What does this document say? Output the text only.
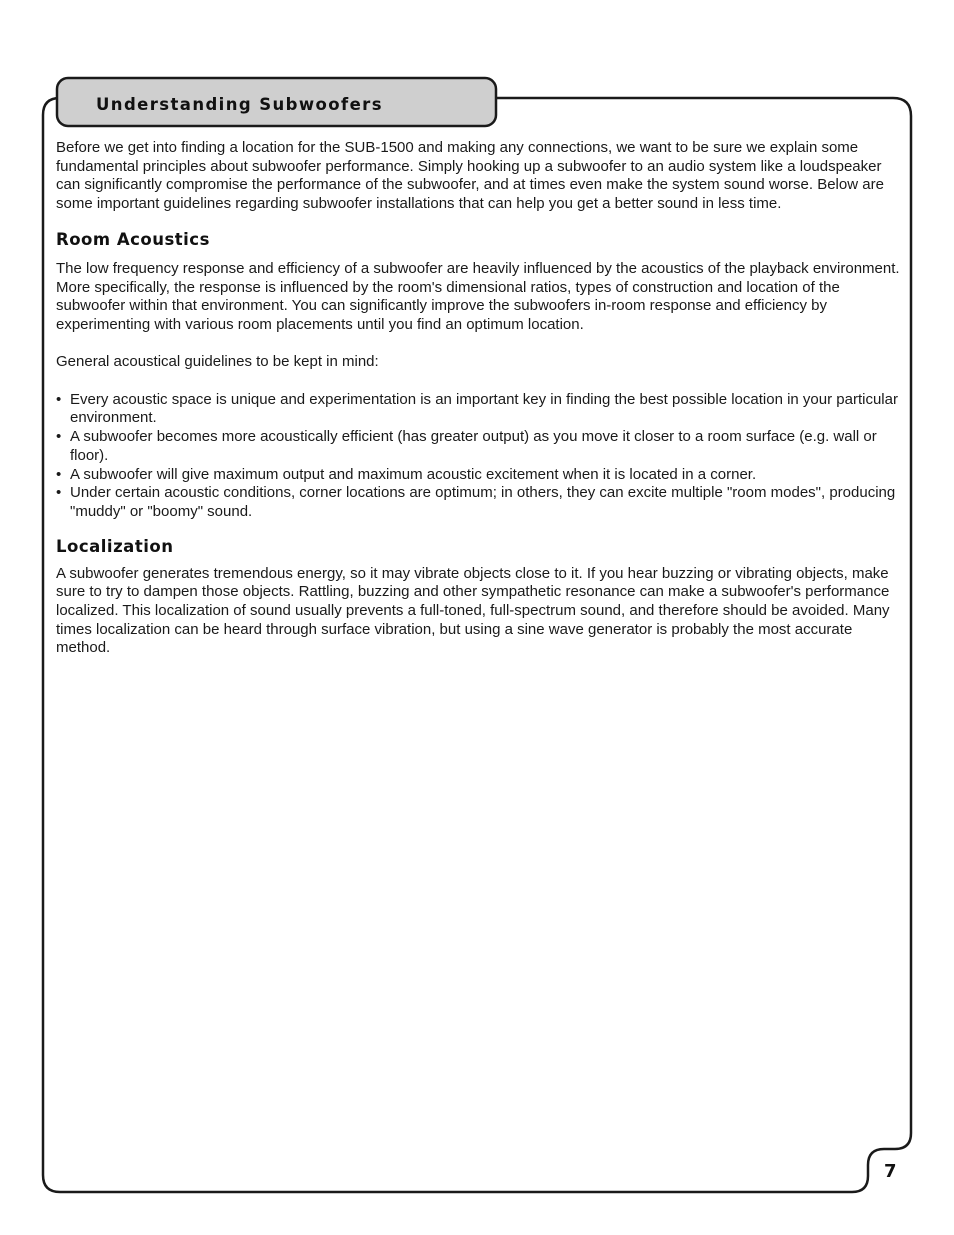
Understanding Subwoofers

Before we get into finding a location for the SUB-1500 and making any connections, we want to be sure we explain some fundamental principles about subwoofer performance. Simply hooking up a subwoofer to an audio system like a loudspeaker can significantly compromise the performance of the subwoofer, and at times even make the system sound worse. Below are some important guidelines regarding subwoofer installations that can help you get a better sound in less time.

Room Acoustics

The low frequency response and efficiency of a subwoofer are heavily influenced by the acoustics of the playback environment. More specifically, the response is influenced by the room's dimensional ratios, types of construction and location of the subwoofer within that environment. You can significantly improve the subwoofers in-room response and efficiency by experimenting with various room placements until you find an optimum location.

General acoustical guidelines to be kept in mind:

• Every acoustic space is unique and experimentation is an important key in finding the best possible location in your particular environment.
• A subwoofer becomes more acoustically efficient (has greater output) as you move it closer to a room surface (e.g. wall or floor).
• A subwoofer will give maximum output and maximum acoustic excitement when it is located in a corner.
• Under certain acoustic conditions, corner locations are optimum; in others, they can excite multiple "room modes", producing "muddy" or "boomy" sound.
Localization

A subwoofer generates tremendous energy, so it may vibrate objects close to it. If you hear buzzing or vibrating objects, make sure to try to dampen those objects. Rattling, buzzing and other sympathetic resonance can make a subwoofer's performance localized. This localization of sound usually prevents a full-toned, full-spectrum sound, and therefore should be avoided. Many times localization can be heard through surface vibration, but using a sine wave generator is probably the most accurate method.

7
